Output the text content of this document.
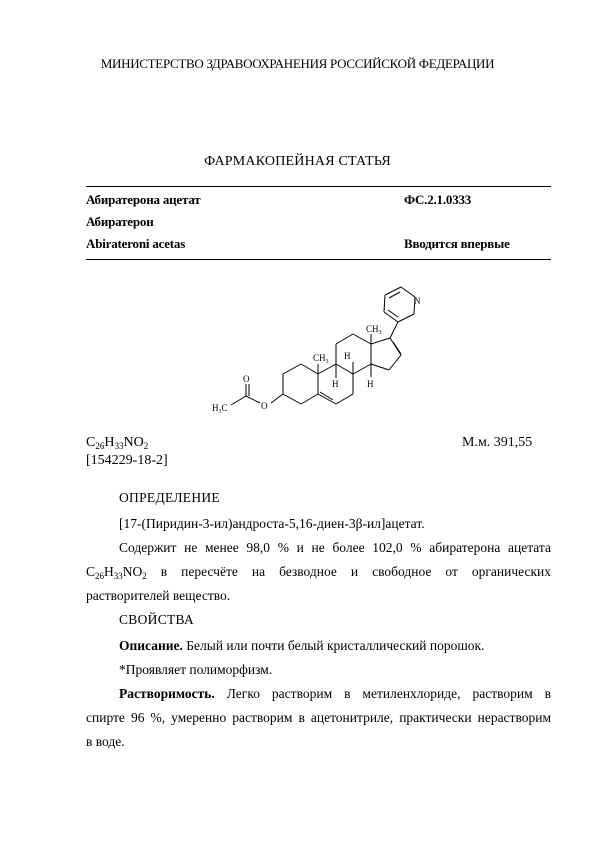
МИНИСТЕРСТВО ЗДРАВООХРАНЕНИЯ РОССИЙСКОЙ ФЕДЕРАЦИИ
ФАРМАКОПЕЙНАЯ СТАТЬЯ
Абиратерона ацетат	ФС.2.1.0333
Абиратерон
Abirateroni acetas	Вводится впервые
$CH_3$
$CH_3$
H
H	H
O
O
N
$H_3C$
$C_{26}H_{33}NO_2$	М.м. 391,55
[154229-18-2]
ОПРЕДЕЛЕНИЕ

[17-(Пиридин-3-ил)андроста-5,16-диен-3β-ил]ацетат.

Содержит не менее 98,0 % и не более 102,0 % абиратерона ацетата

$C_{26}H_{33}NO_2$ в пересчёте на безводное и свободное от органических

растворителей вещество.

СВОЙСТВА

Описание. Белый или почти белый кристаллический порошок.

*Проявляет полиморфизм.

Растворимость. Легко растворим в метиленхлориде, растворим в

спирте 96 %, умеренно растворим в ацетонитриле, практически нерастворим

в воде.
